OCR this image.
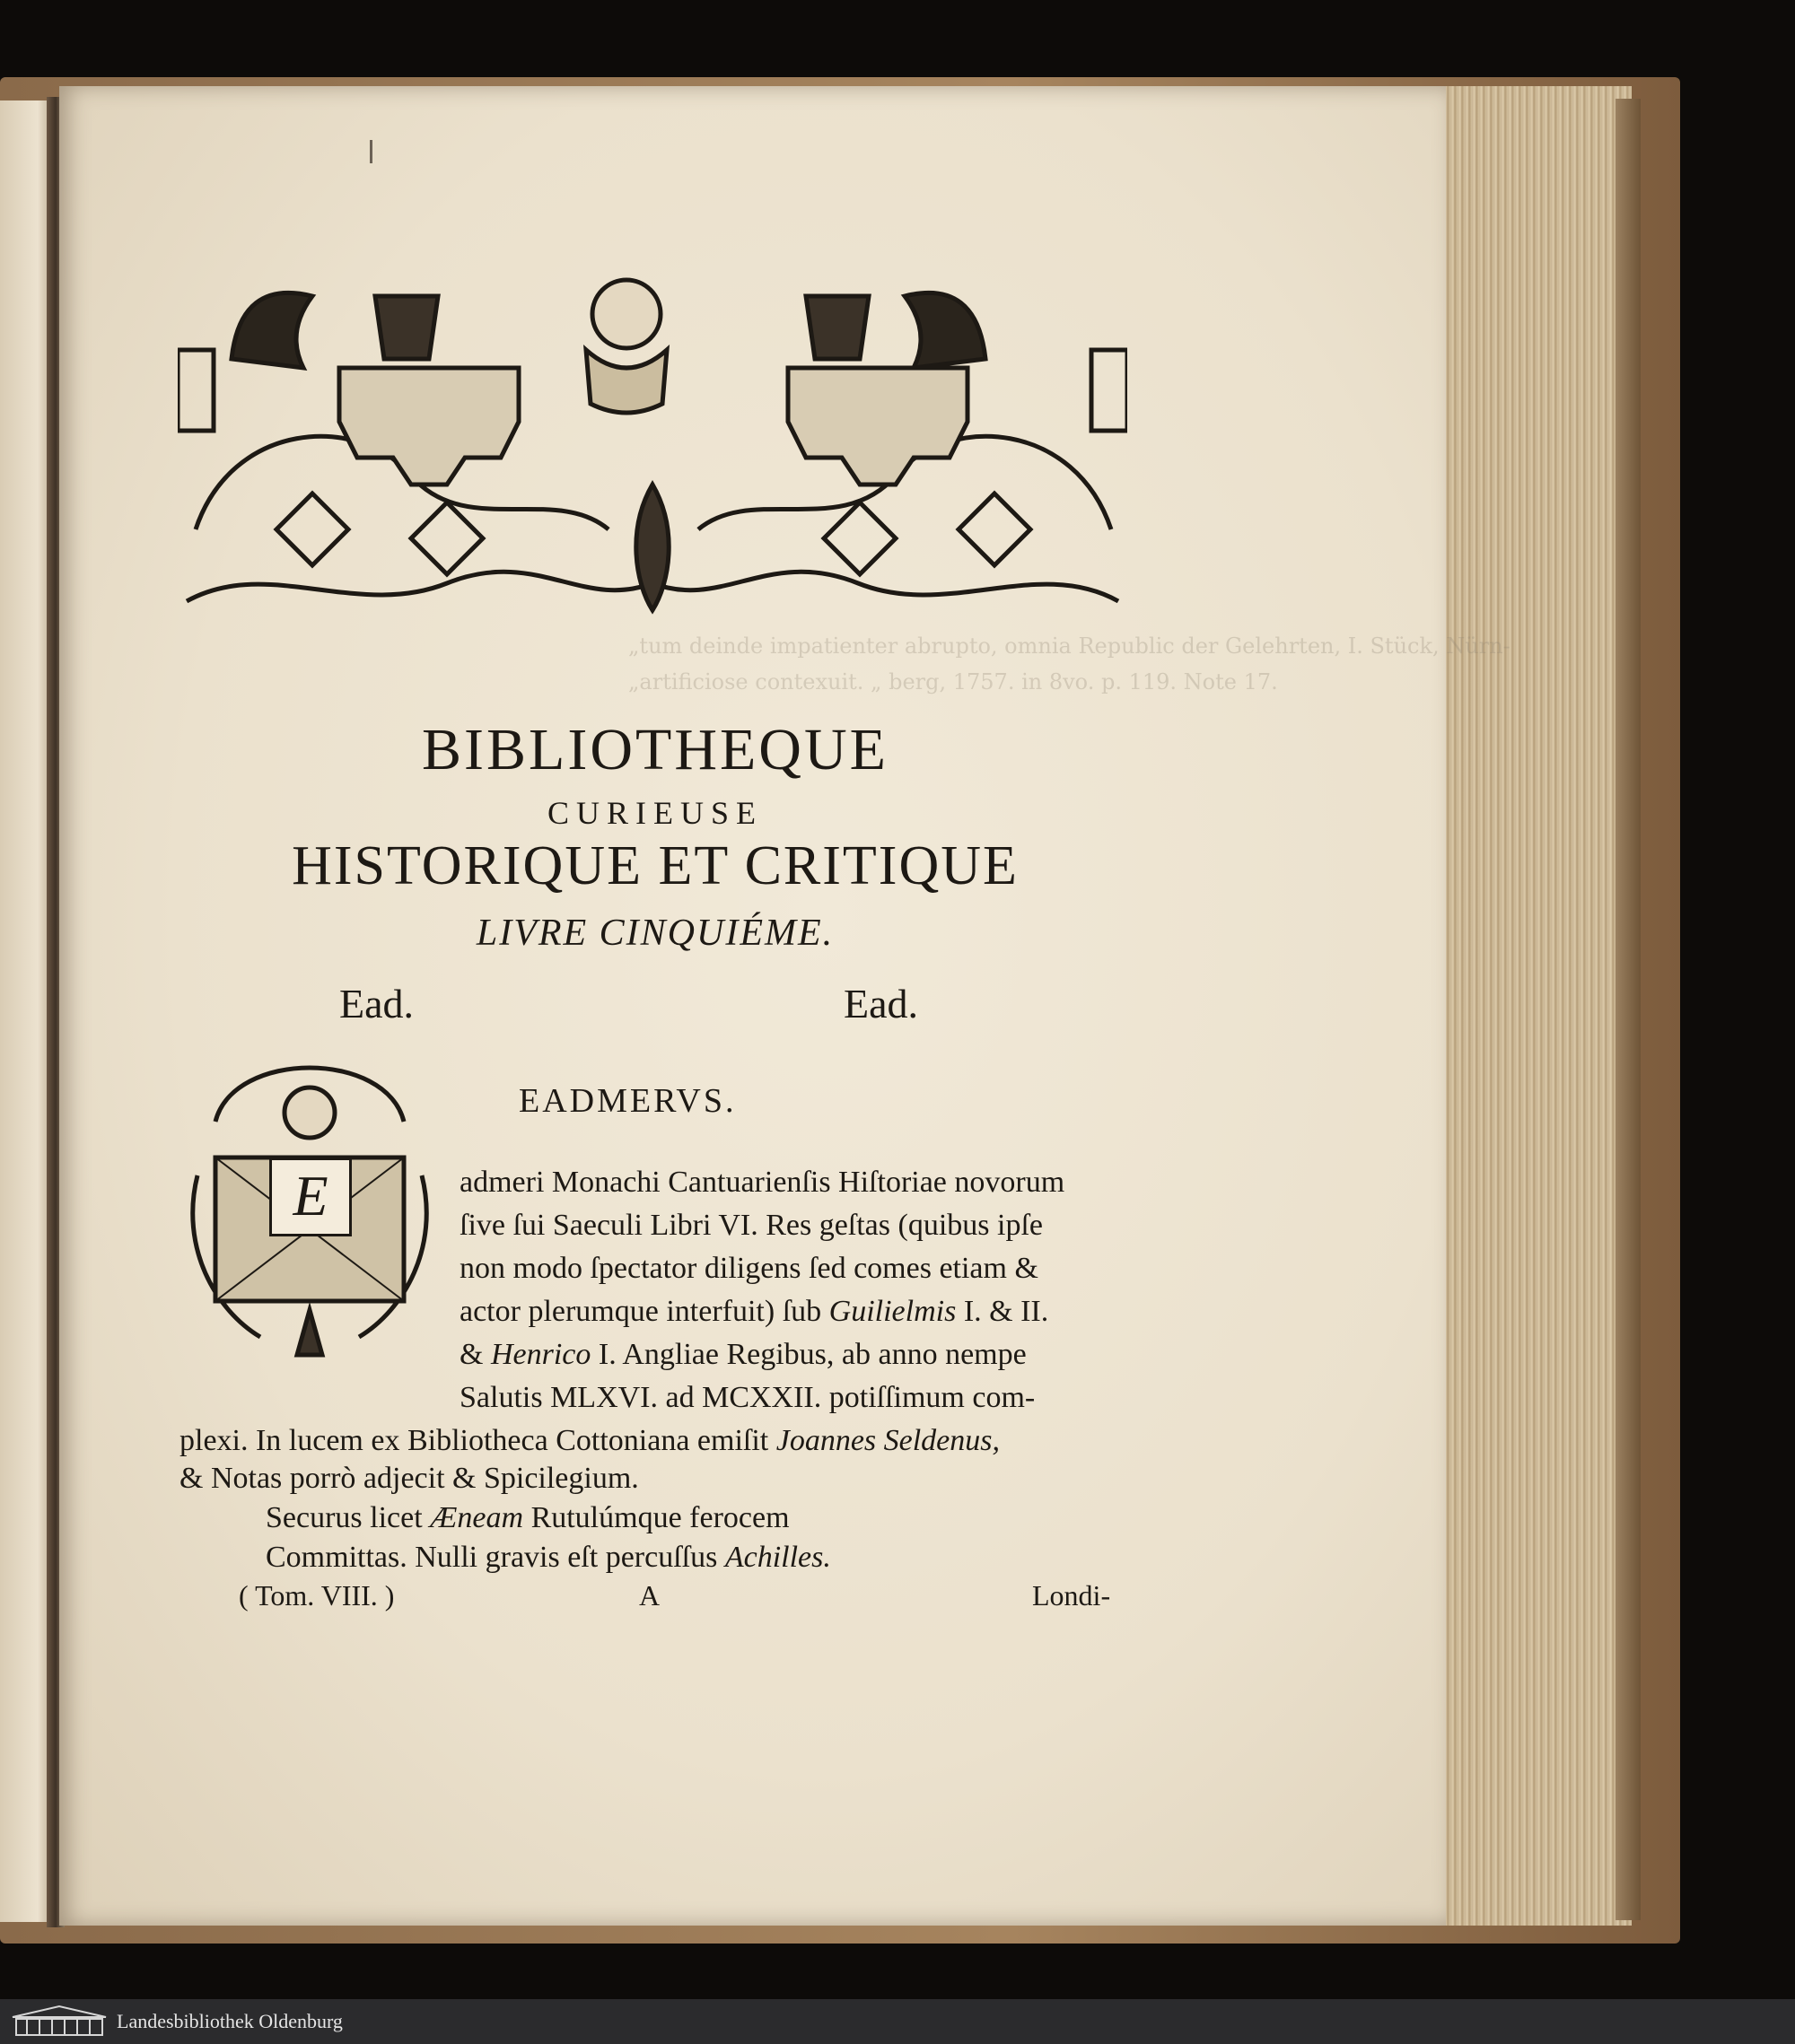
„tum deinde impatienter abrupto, omnia Republic der Gelehrten, I. Stück, Nürn-
„artificiose contexuit. „ berg, 1757. in 8vo. p. 119. Note 17.
BIBLIOTHEQUE
CURIEUSE
HISTORIQUE ET CRITIQUE
LIVRE CINQUIÉME.
Ead.	Ead.
EADMERVS.
E	admeri Monachi Cantuarienſis Hiſtoriae novorum
ſive ſui Saeculi Libri VI. Res geſtas (quibus ipſe
non modo ſpectator diligens ſed comes etiam &
actor plerumque interfuit) ſub Guilielmis I. & II.
& Henrico I. Angliae Regibus, ab anno nempe
Salutis MLXVI. ad MCXXII. potiſſimum com-
plexi. In lucem ex Bibliotheca Cottoniana emiſit Joannes Seldenus,
& Notas porrò adjecit & Spicilegium.
Securus licet Æneam Rutulúmque ferocem
Committas. Nulli gravis eſt percuſſus Achilles.
( Tom. VIII. )	A	Londi-
Landesbibliothek Oldenburg
